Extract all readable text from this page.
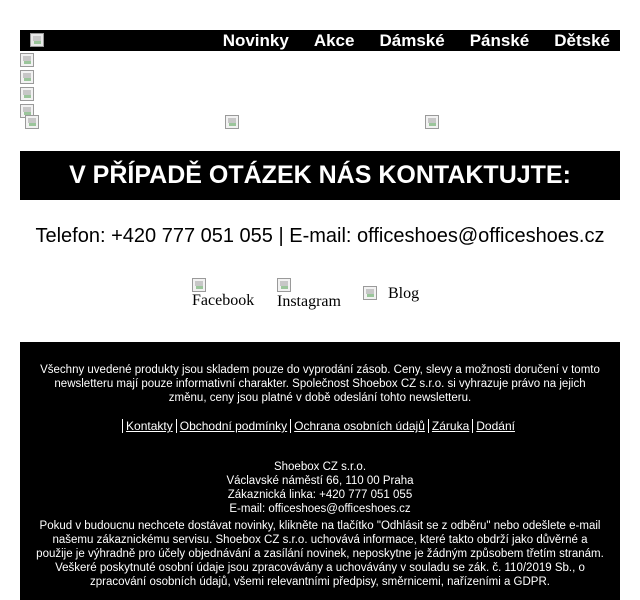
Novinky Akce Dámské Pánské Dětské
V PŘÍPADĚ OTÁZEK NÁS KONTAKTUJTE:
Telefon: +420 777 051 055 | E-mail: officeshoes@officeshoes.cz
Facebook Instagram	Blog
Všechny uvedené produkty jsou skladem pouze do vyprodání zásob. Ceny, slevy a možnosti doručení v tomto newsletteru mají pouze informativní charakter. Společnost Shoebox CZ s.r.o. si vyhrazuje právo na jejich změnu, ceny jsou platné v době odeslání tohto newsletteru.
Kontakty Obchodní podmínky Ochrana osobních údajů Záruka Dodání
Shoebox CZ s.r.o.
Václavské náměstí 66, 110 00 Praha
Zákaznická linka: +420 777 051 055
E-mail: officeshoes@officeshoes.cz
Pokud v budoucnu nechcete dostávat novinky, klikněte na tlačítko "Odhlásit se z odběru" nebo odešlete e-mail našemu zákaznickému servisu. Shoebox CZ s.r.o. uchovává informace, které takto obdrží jako důvěrné a použije je výhradně pro účely objednávání a zasílání novinek, neposkytne je žádným způsobem třetím stranám. Veškeré poskytnuté osobní údaje jsou zpracovávány a uchovávány v souladu se zák. č. 110/2019 Sb., o zpracování osobních údajů, všemi relevantními předpisy, směrnicemi, nařízeními a GDPR.
